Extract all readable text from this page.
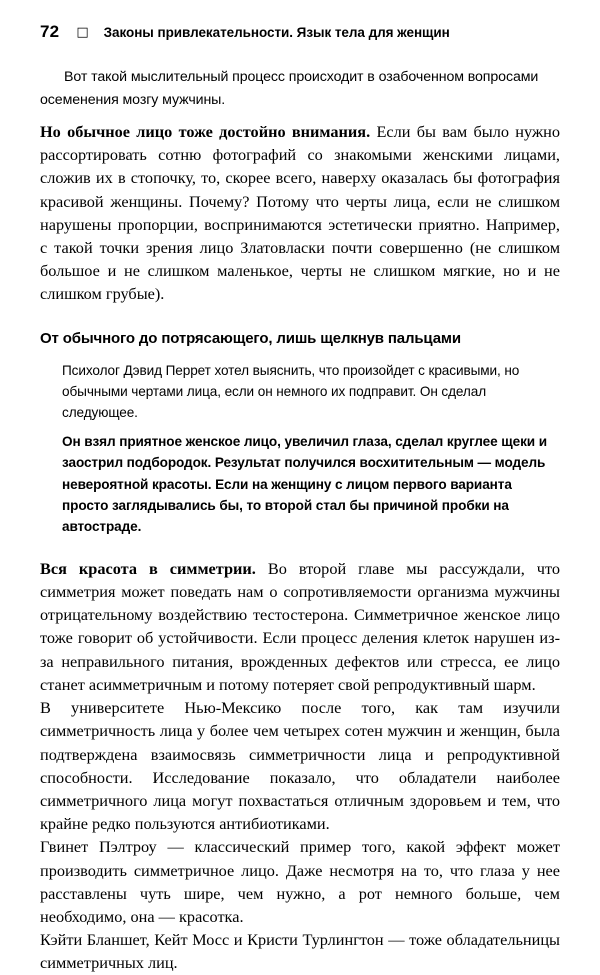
72 □ Законы привлекательности. Язык тела для женщин

Вот такой мыслительный процесс происходит в озабоченном вопросами осеменения мозгу мужчины.

Но обычное лицо тоже достойно внимания. Если бы вам было нужно рассортировать сотню фотографий со знакомыми женскими лицами, сложив их в стопочку, то, скорее всего, наверху оказалась бы фотография красивой женщины. Почему? Потому что черты лица, если не слишком нарушены пропорции, воспринимаются эстетически приятно. Например, с такой точки зрения лицо Златовласки почти совершенно (не слишком большое и не слишком маленькое, черты не слишком мягкие, но и не слишком грубые).

От обычного до потрясающего, лишь щелкнув пальцами

Психолог Дэвид Перрет хотел выяснить, что произойдет с красивыми, но обычными чертами лица, если он немного их подправит. Он сделал следующее.

Он взял приятное женское лицо, увеличил глаза, сделал круглее щеки и заострил подбородок. Результат получился восхитительным — модель невероятной красоты. Если на женщину с лицом первого варианта просто заглядывались бы, то второй стал бы причиной пробки на автостраде.

Вся красота в симметрии. Во второй главе мы рассуждали, что симметрия может поведать нам о сопротивляемости организма мужчины отрицательному воздействию тестостерона. Симметричное женское лицо тоже говорит об устойчивости. Если процесс деления клеток нарушен из-за неправильного питания, врожденных дефектов или стресса, ее лицо станет асимметричным и потому потеряет свой репродуктивный шарм.

В университете Нью-Мексико после того, как там изучили симметричность лица у более чем четырех сотен мужчин и женщин, была подтверждена взаимосвязь симметричности лица и репродуктивной способности. Исследование показало, что обладатели наиболее симметричного лица могут похвастаться отличным здоровьем и тем, что крайне редко пользуются антибиотиками.

Гвинет Пэлтроу — классический пример того, какой эффект может производить симметричное лицо. Даже несмотря на то, что глаза у нее расставлены чуть шире, чем нужно, а рот немного больше, чем необходимо, она — красотка.

Кэйти Бланшет, Кейт Мосс и Кристи Турлингтон — тоже обладательницы симметричных лиц.
